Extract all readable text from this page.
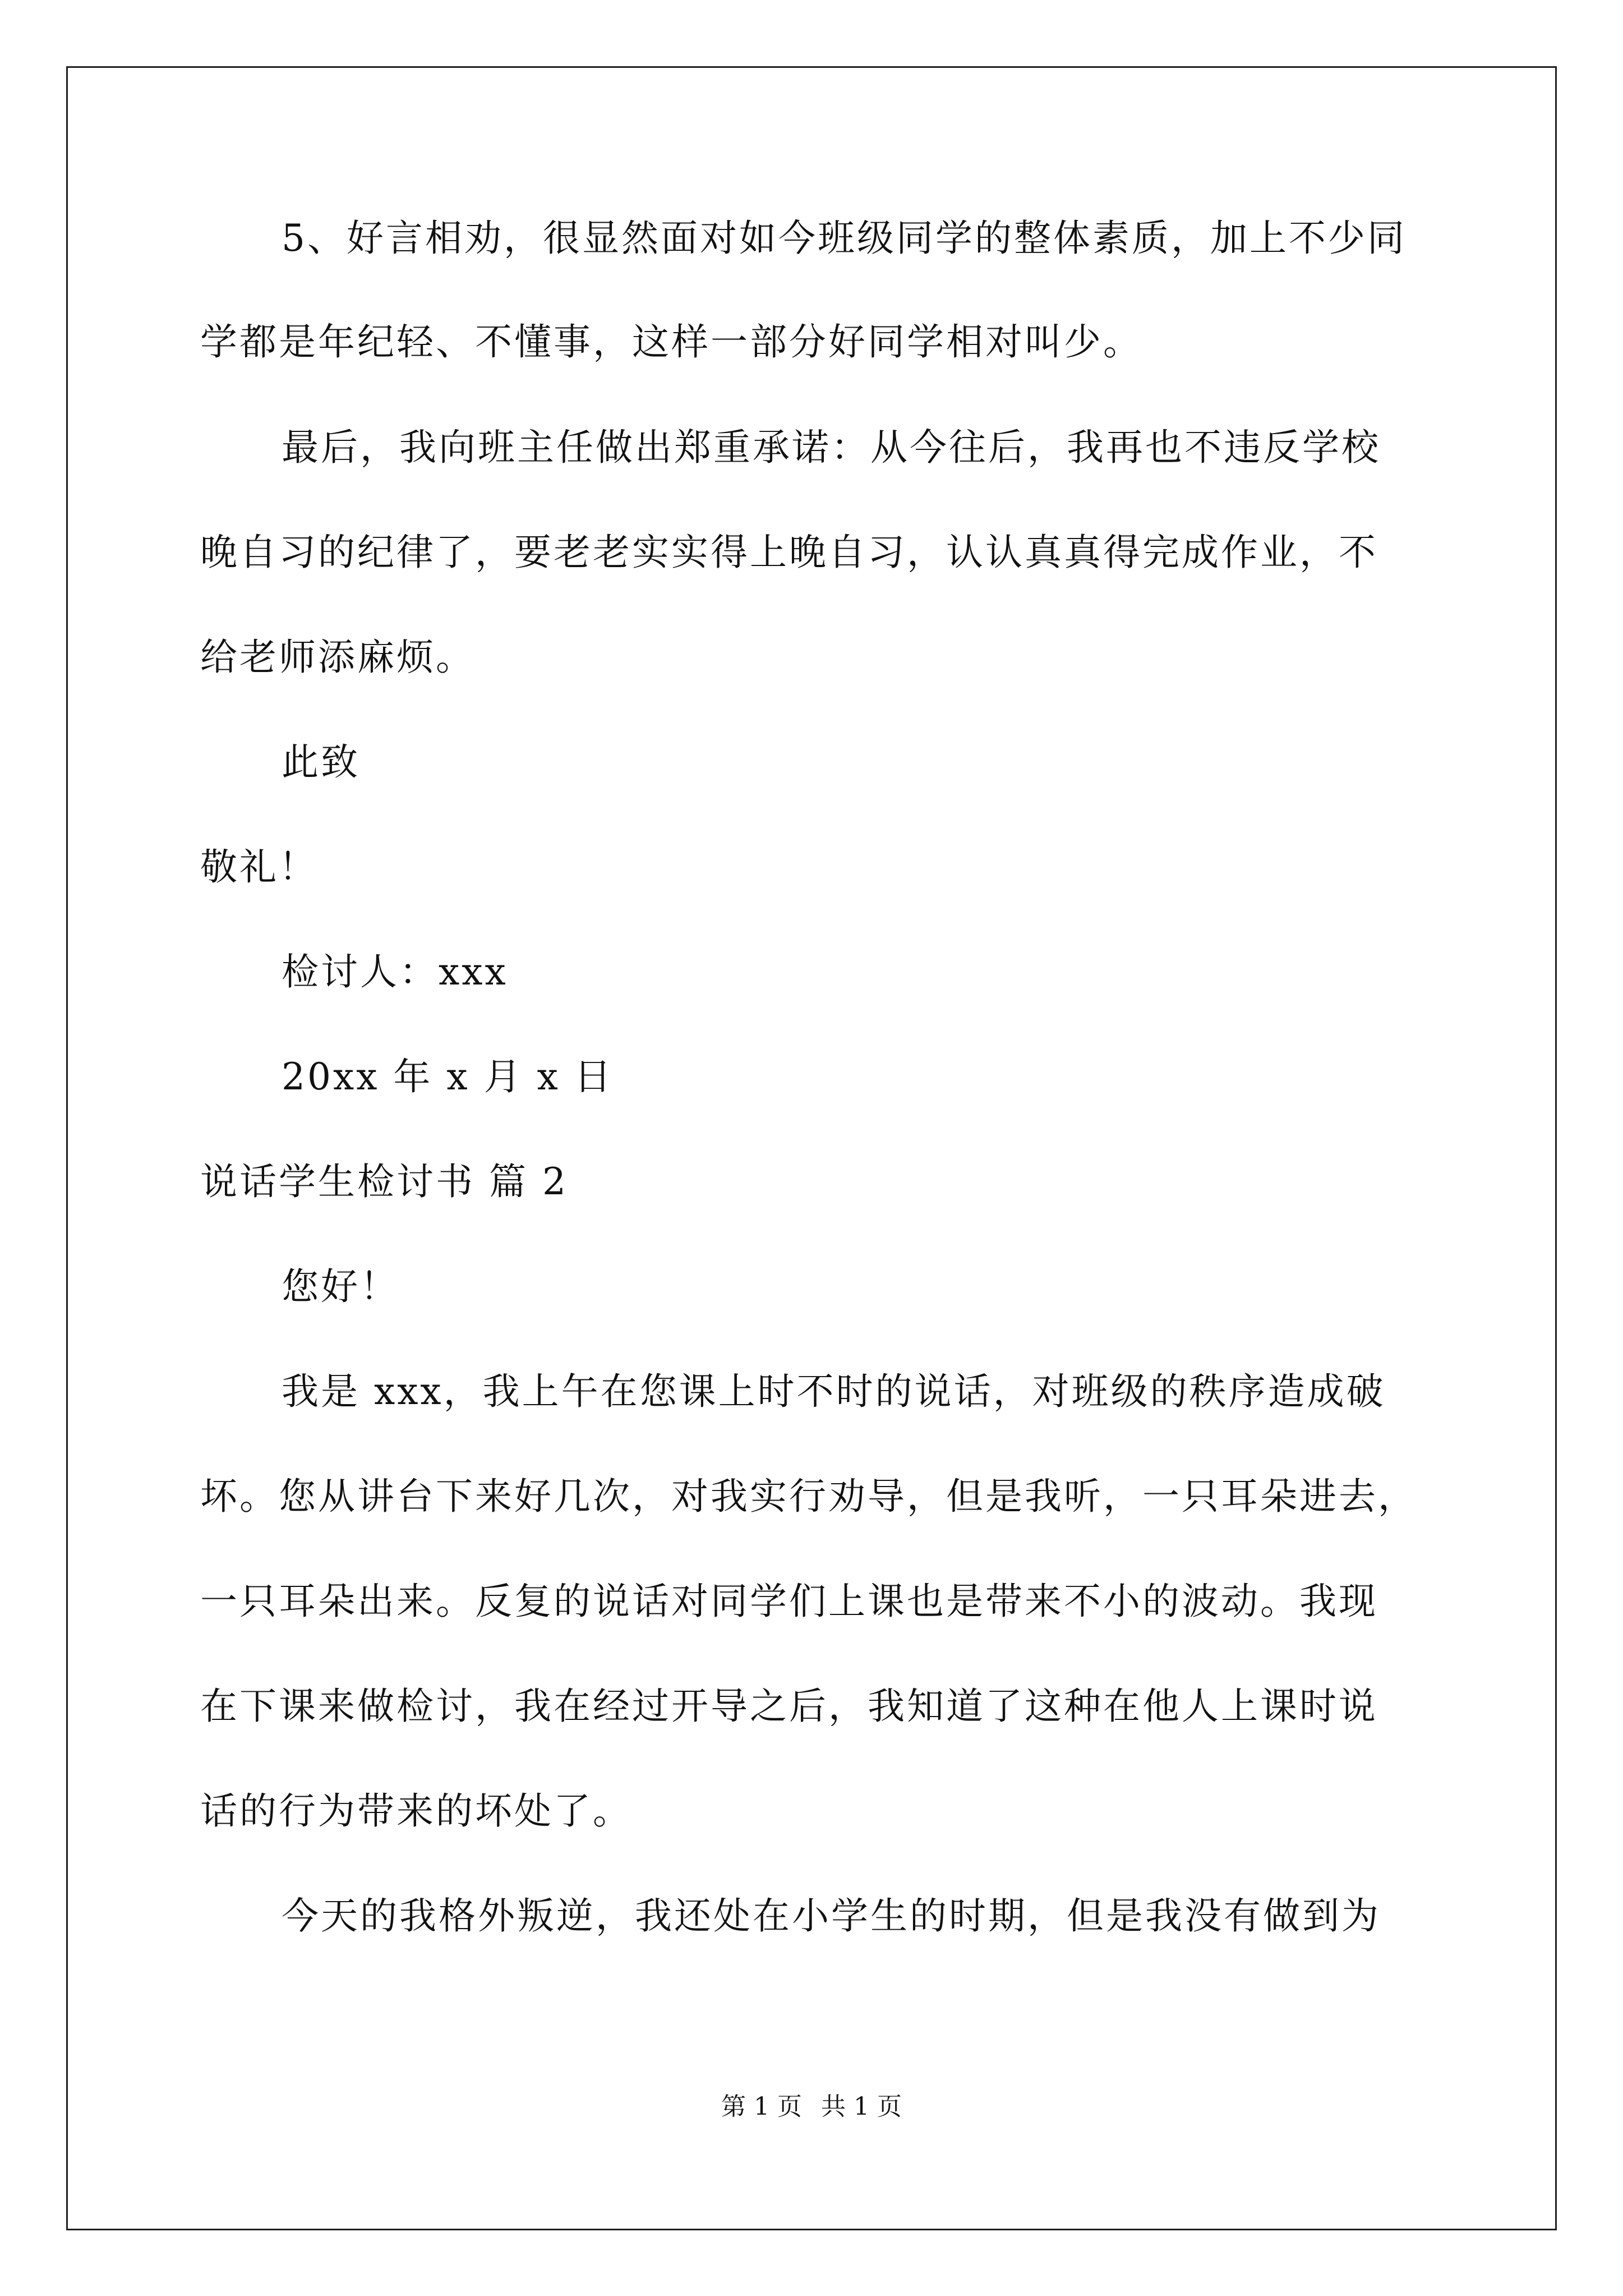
5、好言相劝，很显然面对如今班级同学的整体素质，加上不少同
学都是年纪轻、不懂事，这样一部分好同学相对叫少。
最后，我向班主任做出郑重承诺：从今往后，我再也不违反学校
晚自习的纪律了，要老老实实得上晚自习，认认真真得完成作业，不
给老师添麻烦。
此致
敬礼！
检讨人：xxx
20xx 年 x 月 x 日
说话学生检讨书 篇 2
您好！
我是 xxx，我上午在您课上时不时的说话，对班级的秩序造成破
坏。您从讲台下来好几次，对我实行劝导，但是我听，一只耳朵进去，
一只耳朵出来。反复的说话对同学们上课也是带来不小的波动。我现
在下课来做检讨，我在经过开导之后，我知道了这种在他人上课时说
话的行为带来的坏处了。
今天的我格外叛逆，我还处在小学生的时期，但是我没有做到为
第 1 页 共 1 页
